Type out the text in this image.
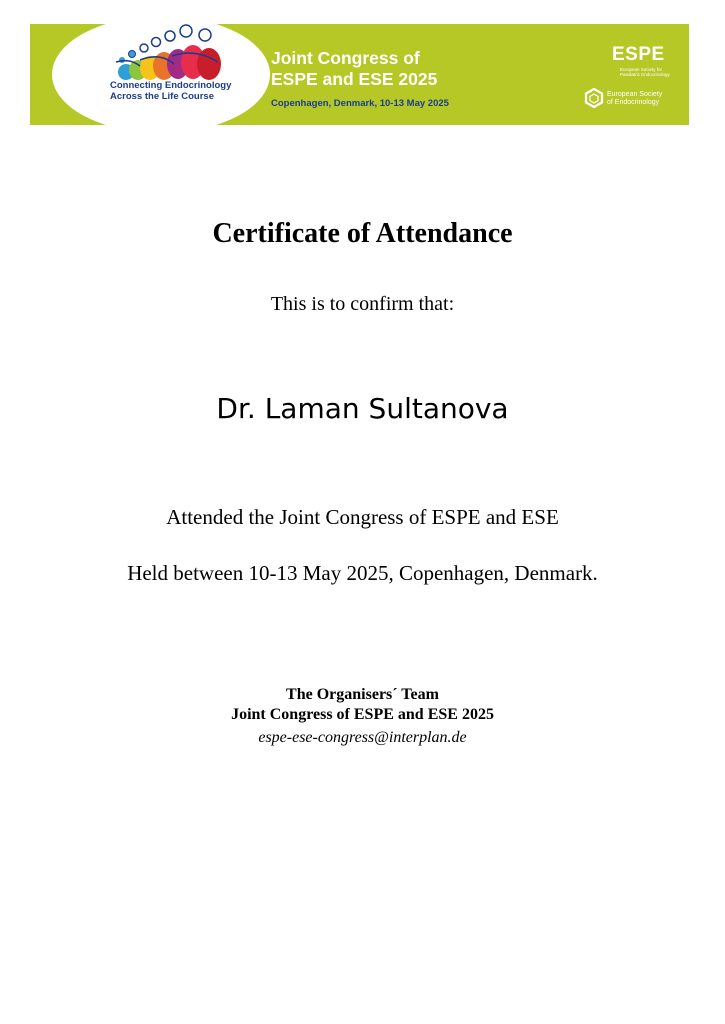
Connecting Endocrinology
Across the Life Course
Joint Congress of
ESPE and ESE 2025
Copenhagen, Denmark, 10-13 May 2025
ESPE
European Society for
Paediatric Endocrinology
European Society
of Endocrinology
Certificate of Attendance
This is to confirm that:
Dr. Laman Sultanova
Attended the Joint Congress of ESPE and ESE
Held between 10-13 May 2025, Copenhagen, Denmark.
The Organisers´ Team
Joint Congress of ESPE and ESE 2025
espe-ese-congress@interplan.de
